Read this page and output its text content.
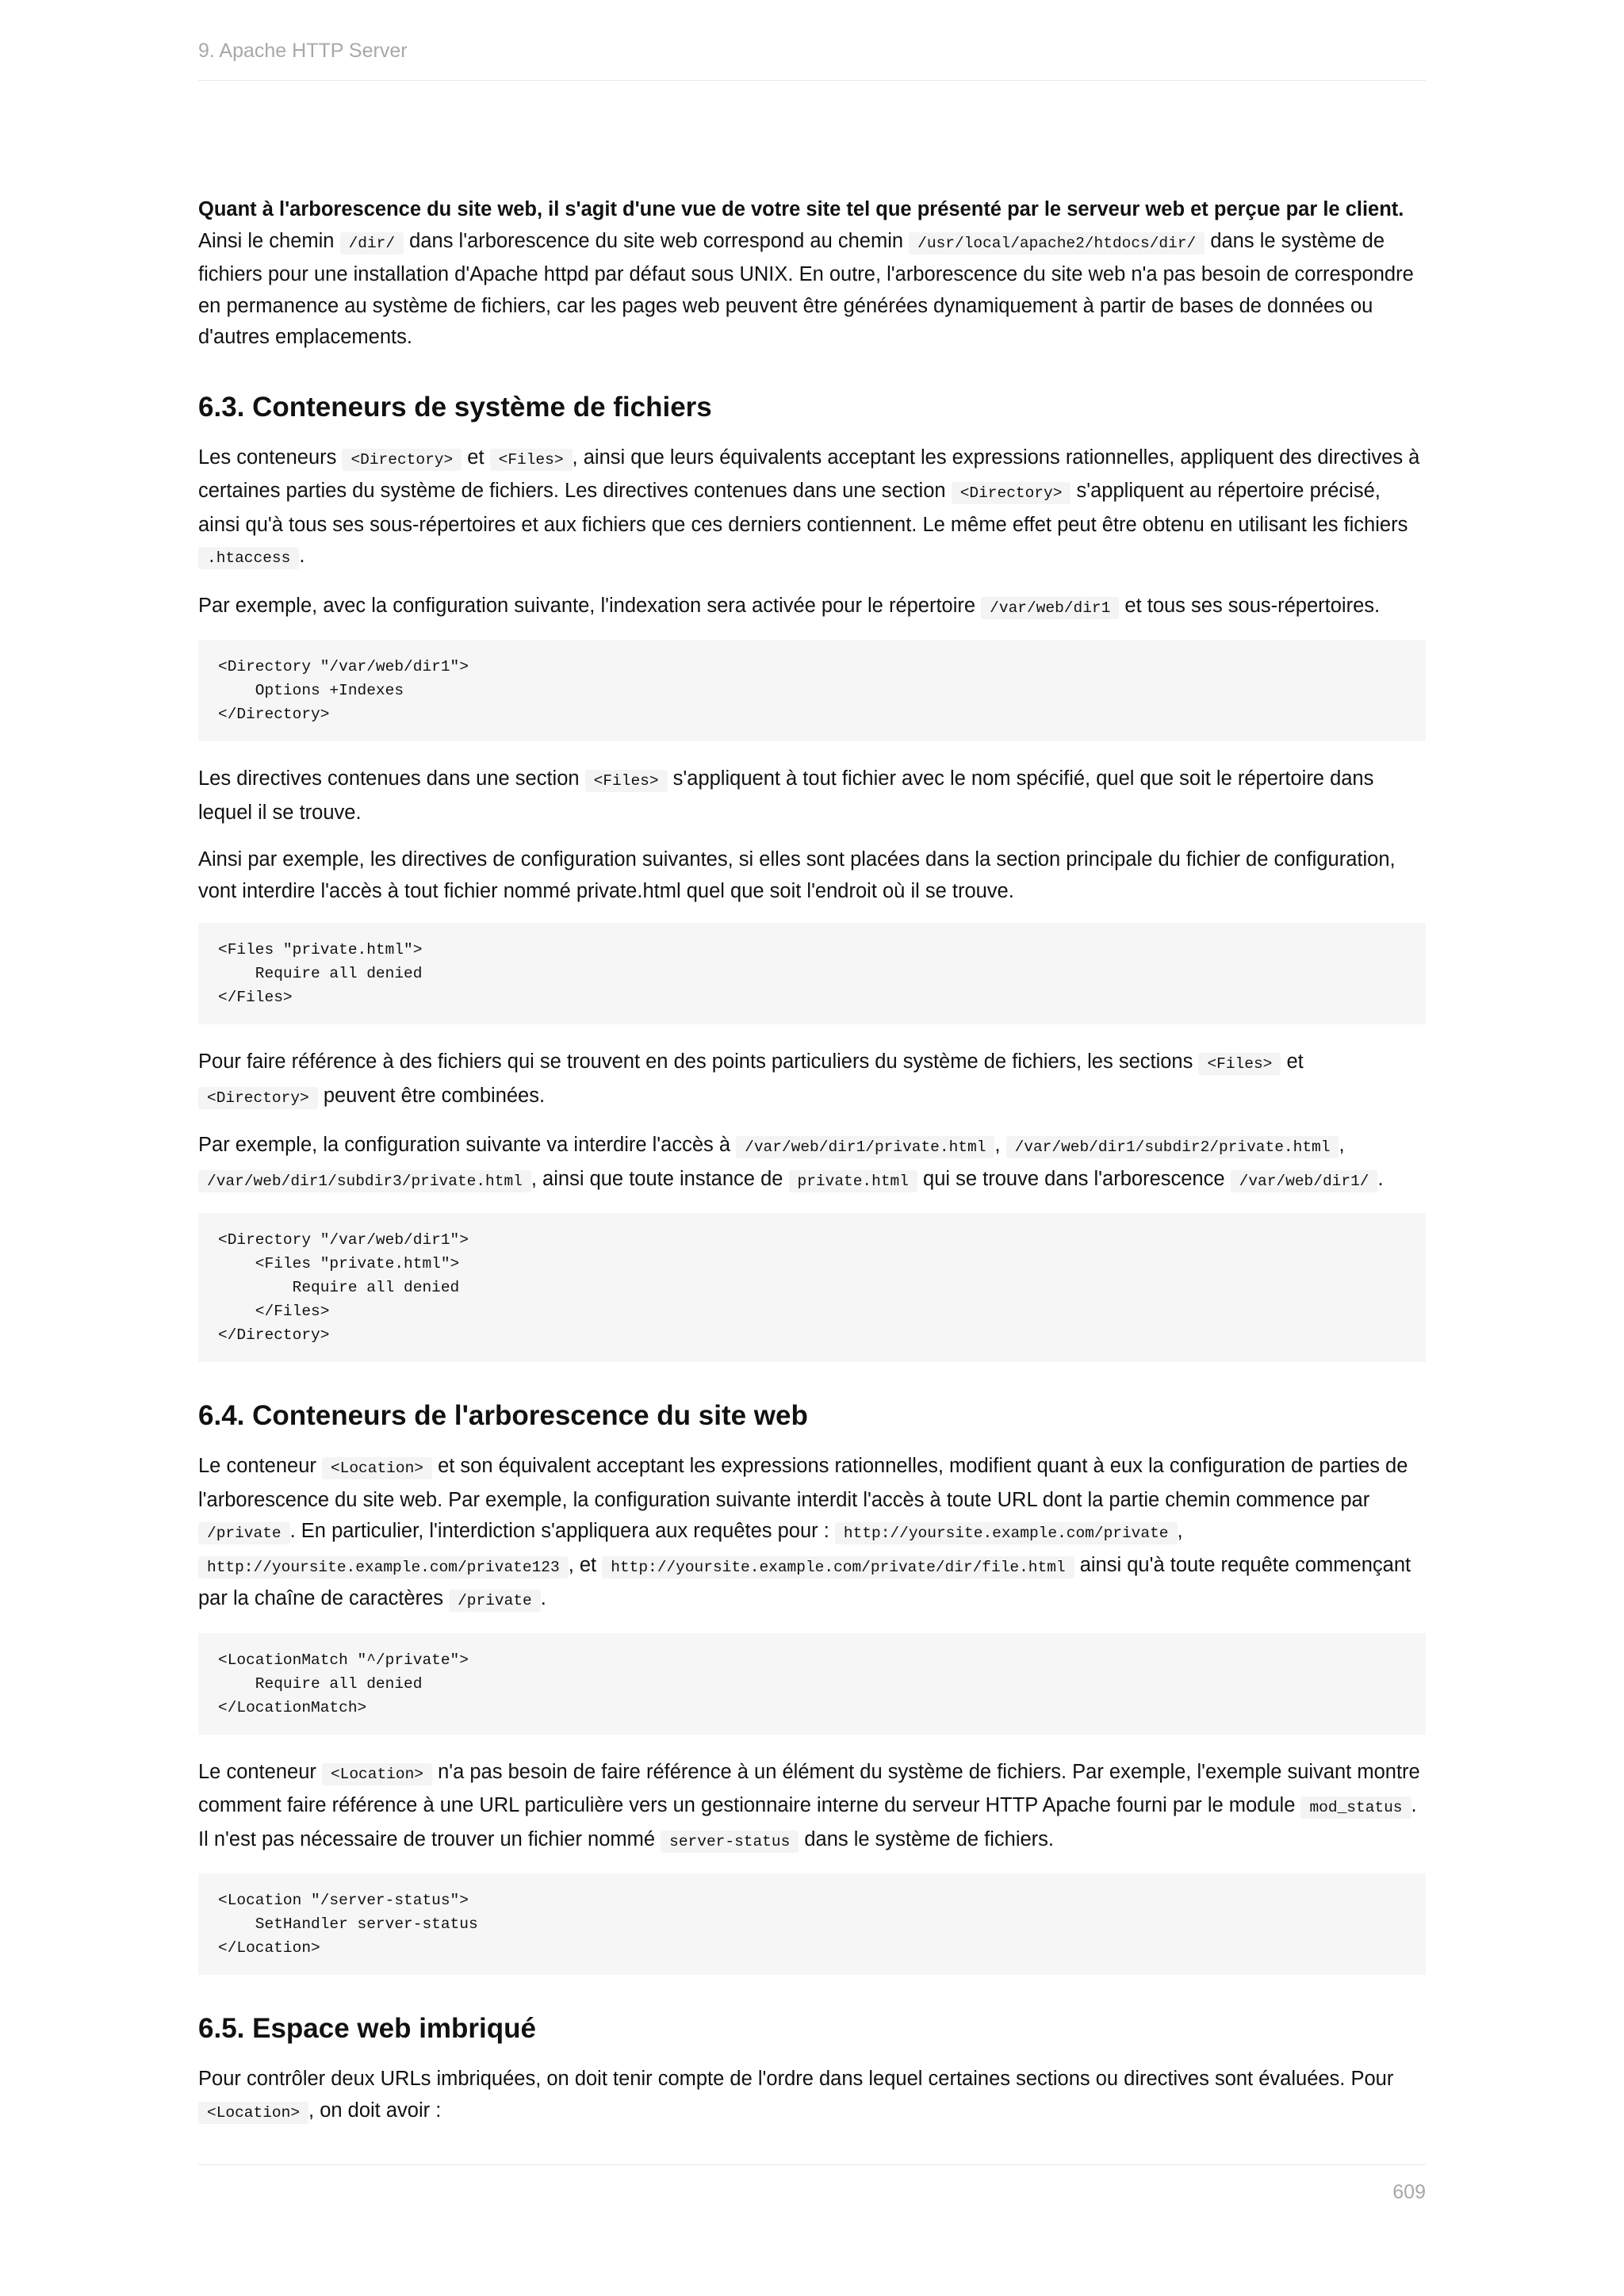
9. Apache HTTP Server

Quant à l'arborescence du site web, il s'agit d'une vue de votre site tel que présenté par le serveur web et perçue par le client. Ainsi le chemin /dir/ dans l'arborescence du site web correspond au chemin /usr/local/apache2/htdocs/dir/ dans le système de fichiers pour une installation d'Apache httpd par défaut sous UNIX. En outre, l'arborescence du site web n'a pas besoin de correspondre en permanence au système de fichiers, car les pages web peuvent être générées dynamiquement à partir de bases de données ou d'autres emplacements.

6.3. Conteneurs de système de fichiers

Les conteneurs <Directory> et <Files> , ainsi que leurs équivalents acceptant les expressions rationnelles, appliquent des directives à certaines parties du système de fichiers. Les directives contenues dans une section <Directory> s'appliquent au répertoire précisé, ainsi qu'à tous ses sous-répertoires et aux fichiers que ces derniers contiennent. Le même effet peut être obtenu en utilisant les fichiers .htaccess .

Par exemple, avec la configuration suivante, l'indexation sera activée pour le répertoire /var/web/dir1 et tous ses sous-répertoires.

<Directory "/var/web/dir1">
Options +Indexes
</Directory>

Les directives contenues dans une section <Files> s'appliquent à tout fichier avec le nom spécifié, quel que soit le répertoire dans lequel il se trouve.

Ainsi par exemple, les directives de configuration suivantes, si elles sont placées dans la section principale du fichier de configuration, vont interdire l'accès à tout fichier nommé private.html quel que soit l'endroit où il se trouve.

<Files "private.html">
Require all denied
</Files>

Pour faire référence à des fichiers qui se trouvent en des points particuliers du système de fichiers, les sections <Files> et <Directory> peuvent être combinées.

Par exemple, la configuration suivante va interdire l'accès à /var/web/dir1/private.html , /var/web/dir1/subdir2/private.html , /var/web/dir1/subdir3/private.html , ainsi que toute instance de private.html qui se trouve dans l'arborescence /var/web/dir1/ .

<Directory "/var/web/dir1">
<Files "private.html">
Require all denied
</Files>
</Directory>
6.4. Conteneurs de l'arborescence du site web

Le conteneur <Location> et son équivalent acceptant les expressions rationnelles, modifient quant à eux la configuration de parties de l'arborescence du site web. Par exemple, la configuration suivante interdit l'accès à toute URL dont la partie chemin commence par /private . En particulier, l'interdiction s'appliquera aux requêtes pour : http://yoursite.example.com/private , http://yoursite.example.com/private123 , et http://yoursite.example.com/private/dir/file.html ainsi qu'à toute requête commençant par la chaîne de caractères /private .

<LocationMatch "^/private">
Require all denied
</LocationMatch>

Le conteneur <Location> n'a pas besoin de faire référence à un élément du système de fichiers. Par exemple, l'exemple suivant montre comment faire référence à une URL particulière vers un gestionnaire interne du serveur HTTP Apache fourni par le module mod_status . Il n'est pas nécessaire de trouver un fichier nommé server-status dans le système de fichiers.

<Location "/server-status">
SetHandler server-status
</Location>
6.5. Espace web imbriqué

Pour contrôler deux URLs imbriquées, on doit tenir compte de l'ordre dans lequel certaines sections ou directives sont évaluées. Pour <Location> , on doit avoir :

609
